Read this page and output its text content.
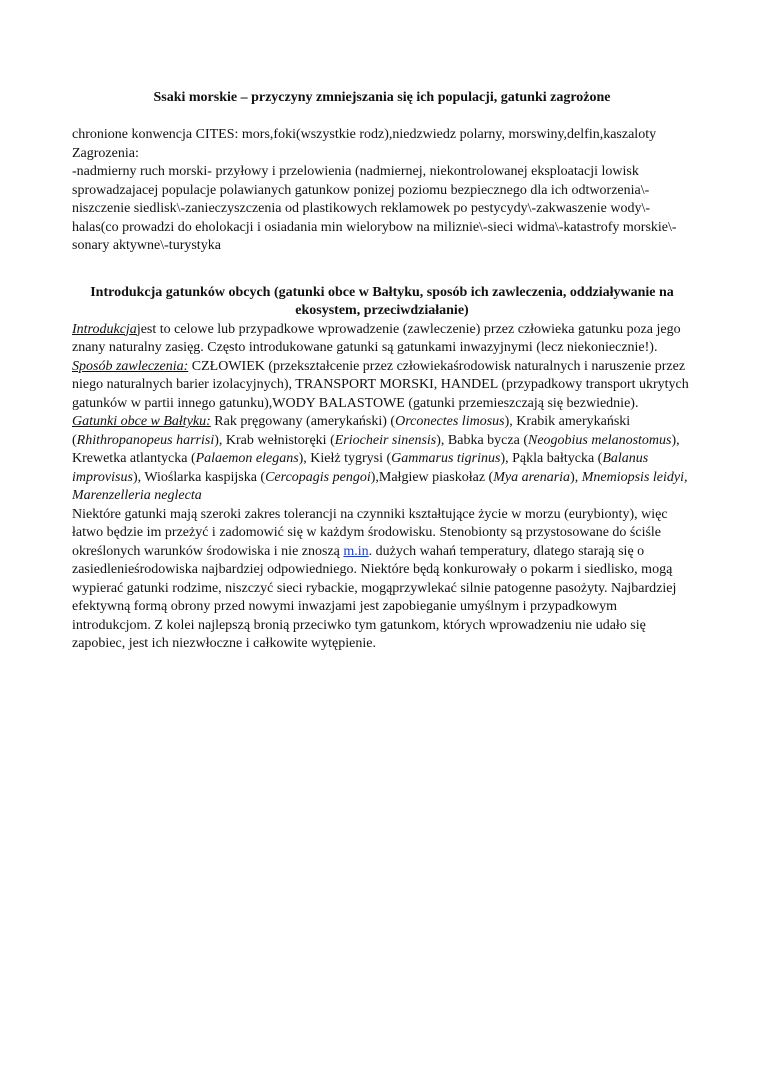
Ssaki morskie – przyczyny zmniejszania się ich populacji, gatunki zagrożone

chronione konwencja CITES: mors,foki(wszystkie rodz),niedzwiedz polarny, morswiny,delfin,kaszaloty

Zagrozenia:

-nadmierny ruch morski- przyłowy i przelowienia (nadmiernej, niekontrolowanej eksploatacji lowisk sprowadzajacej populacje polawianych gatunkow ponizej poziomu bezpiecznego dla ich odtworzenia\-niszczenie siedlisk\-zanieczyszczenia od plastikowych reklamowek po pestycydy\-zakwaszenie wody\-halas(co prowadzi do eholokacji i osiadania min wielorybow na miliznie\-sieci widma\-katastrofy morskie\-sonary aktywne\-turystyka

Introdukcja gatunków obcych (gatunki obce w Bałtyku, sposób ich zawleczenia, oddziaływanie na ekosystem, przeciwdziałanie)

Introdukcjajest to celowe lub przypadkowe wprowadzenie (zawleczenie) przez człowieka gatunku poza jego znany naturalny zasięg. Często introdukowane gatunki są gatunkami inwazyjnymi (lecz niekoniecznie!).

Sposób zawleczenia: CZŁOWIEK (przekształcenie przez człowiekaśrodowisk naturalnych i naruszenie przez niego naturalnych barier izolacyjnych), TRANSPORT MORSKI, HANDEL (przypadkowy transport ukrytych gatunków w partii innego gatunku),WODY BALASTOWE (gatunki przemieszczają się bezwiednie).

Gatunki obce w Bałtyku: Rak pręgowany (amerykański) (Orconectes limosus), Krabik amerykański (Rhithropanopeus harrisi), Krab wełnistoręki (Eriocheir sinensis), Babka bycza (Neogobius melanostomus), Krewetka atlantycka (Palaemon elegans), Kiełż tygrysi (Gammarus tigrinus), Pąkla bałtycka (Balanus improvisus), Wioślarka kaspijska (Cercopagis pengoi),Małgiew piaskołaz (Mya arenaria), Mnemiopsis leidyi, Marenzelleria neglecta

Niektóre gatunki mają szeroki zakres tolerancji na czynniki kształtujące życie w morzu (eurybionty), więc łatwo będzie im przeżyć i zadomowić się w każdym środowisku. Stenobionty są przystosowane do ściśle określonych warunków środowiska i nie znoszą m.in. dużych wahań temperatury, dlatego starają się o zasiedlenieśrodowiska najbardziej odpowiedniego. Niektóre będą konkurowały o pokarm i siedlisko, mogą wypierać gatunki rodzime, niszczyć sieci rybackie, mogąprzywlekać silnie patogenne pasożyty. Najbardziej efektywną formą obrony przed nowymi inwazjami jest zapobieganie umyślnym i przypadkowym introdukcjom. Z kolei najlepszą bronią przeciwko tym gatunkom, których wprowadzeniu nie udało się zapobiec, jest ich niezwłoczne i całkowite wytępienie.
